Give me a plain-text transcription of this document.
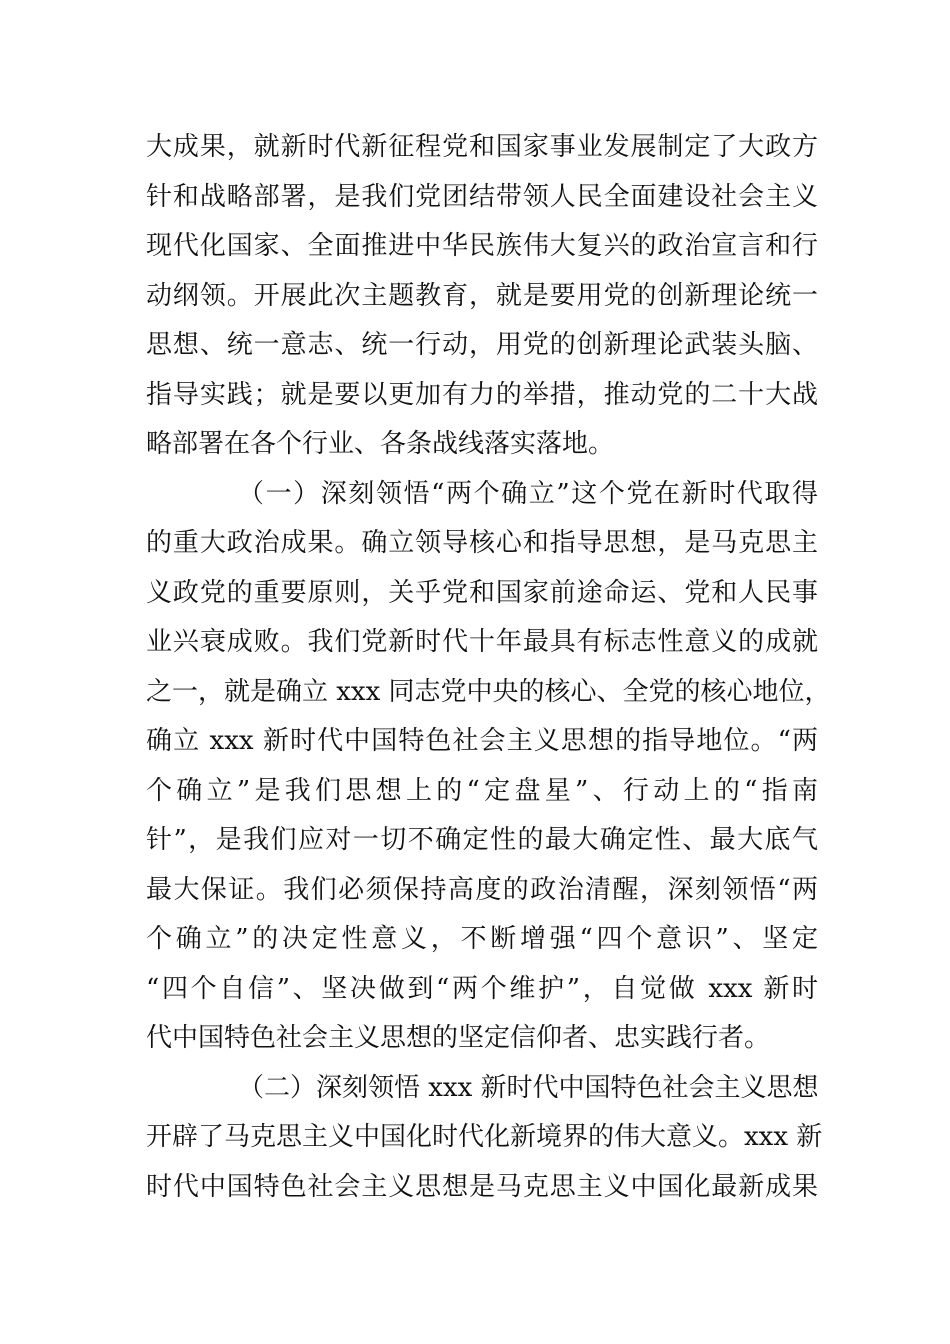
大成果，就新时代新征程党和国家事业发展制定了大政方
针和战略部署，是我们党团结带领人民全面建设社会主义
现代化国家、全面推进中华民族伟大复兴的政治宣言和行
动纲领。开展此次主题教育，就是要用党的创新理论统一
思想、统一意志、统一行动，用党的创新理论武装头脑、
指导实践；就是要以更加有力的举措，推动党的二十大战
略部署在各个行业、各条战线落实落地。
（一）深刻领悟“两个确立”这个党在新时代取得
的重大政治成果。确立领导核心和指导思想，是马克思主
义政党的重要原则，关乎党和国家前途命运、党和人民事
业兴衰成败。我们党新时代十年最具有标志性意义的成就
之一，就是确立 xxx 同志党中央的核心、全党的核心地位，
确立 xxx 新时代中国特色社会主义思想的指导地位。“两
个确立”是我们思想上的“定盘星”、行动上的“指南
针”，是我们应对一切不确定性的最大确定性、最大底气
最大保证。我们必须保持高度的政治清醒，深刻领悟“两
个确立”的决定性意义，不断增强“四个意识”、坚定
“四个自信”、坚决做到“两个维护”，自觉做 xxx 新时
代中国特色社会主义思想的坚定信仰者、忠实践行者。
（二）深刻领悟 xxx 新时代中国特色社会主义思想
开辟了马克思主义中国化时代化新境界的伟大意义。xxx 新
时代中国特色社会主义思想是马克思主义中国化最新成果
